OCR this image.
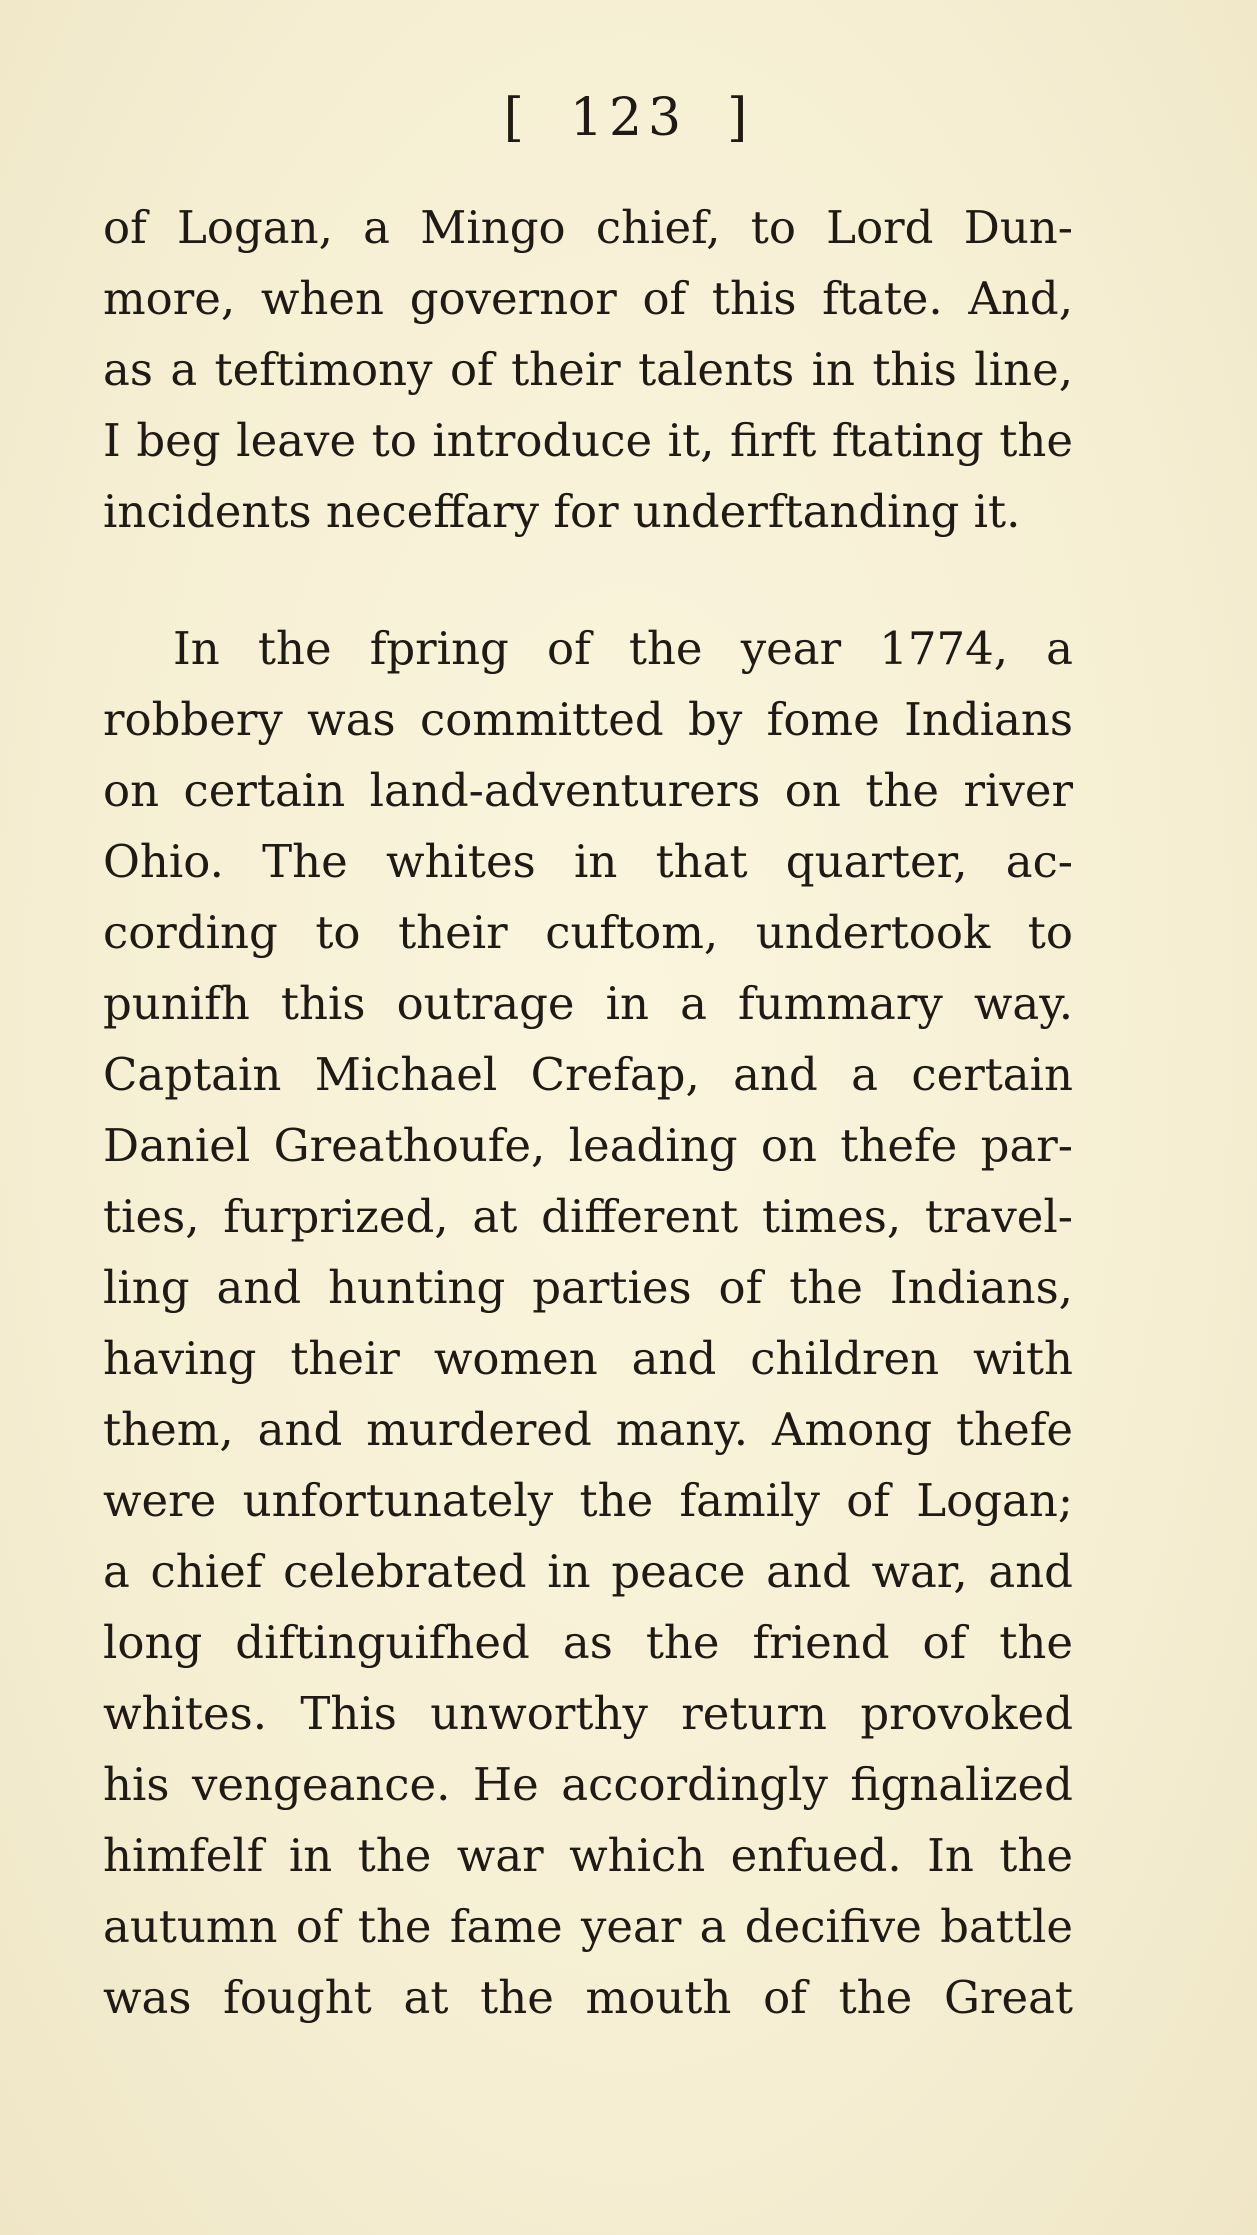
[ 123 ]
of Logan, a Mingo chief, to Lord Dun-
more, when governor of this ftate. And,
as a teftimony of their talents in this line,
I beg leave to introduce it, firft ftating the
incidents neceffary for underftanding it.
In the fpring of the year 1774, a
robbery was committed by fome Indians
on certain land-adventurers on the river
Ohio. The whites in that quarter, ac-
cording to their cuftom, undertook to
punifh this outrage in a fummary way.
Captain Michael Crefap, and a certain
Daniel Greathoufe, leading on thefe par-
ties, furprized, at different times, travel-
ling and hunting parties of the Indians,
having their women and children with
them, and murdered many. Among thefe
were unfortunately the family of Logan;
a chief celebrated in peace and war, and
long diftinguifhed as the friend of the
whites. This unworthy return provoked
his vengeance. He accordingly fignalized
himfelf in the war which enfued. In the
autumn of the fame year a decifive battle
was fought at the mouth of the Great
